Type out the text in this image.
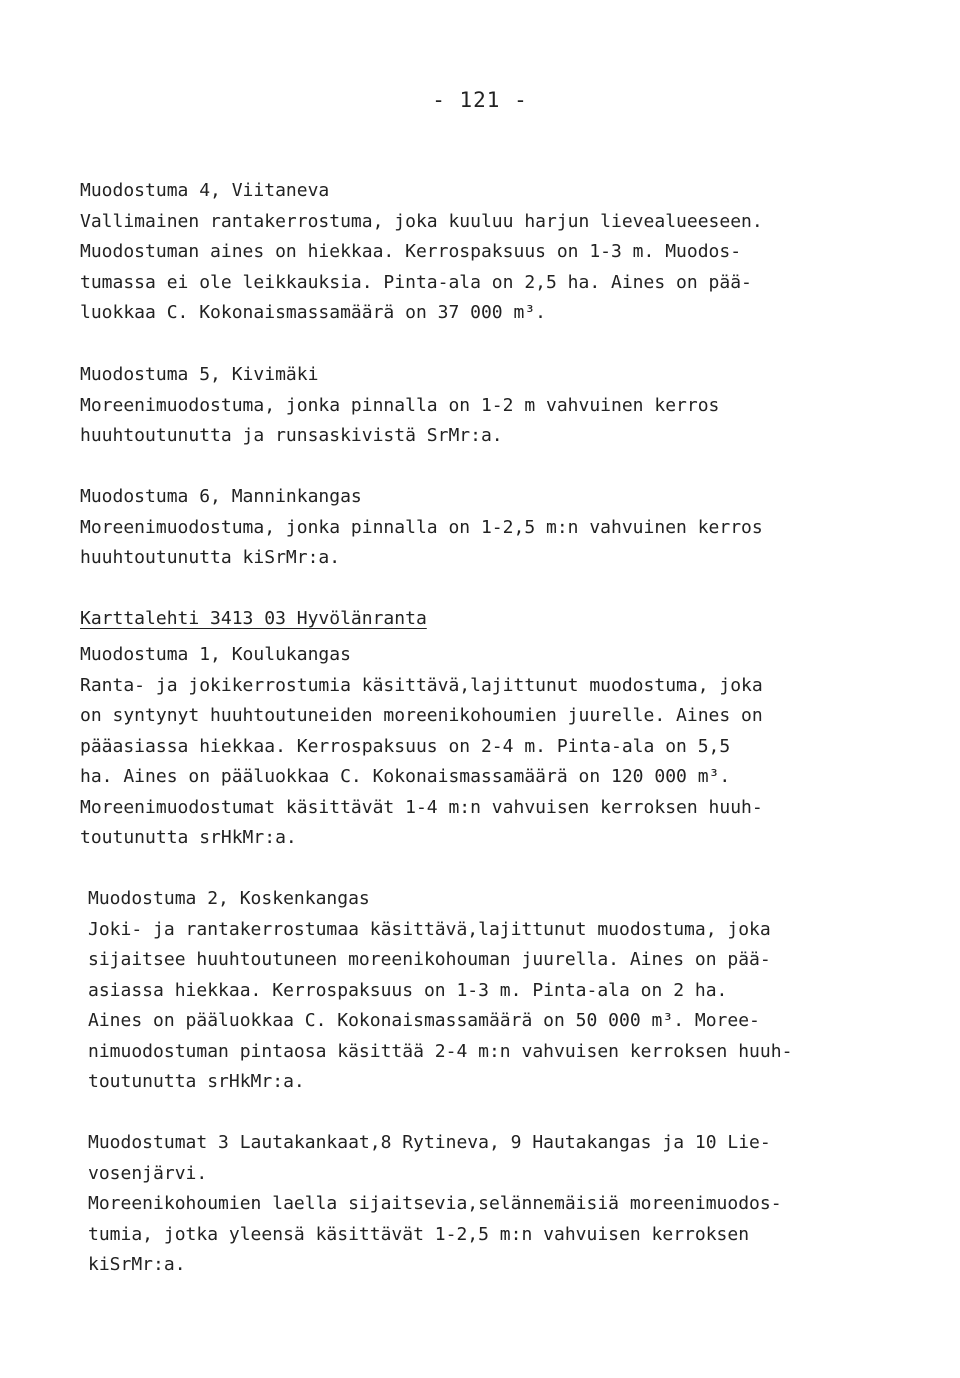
- 121 -
Muodostuma 4, Viitaneva
Vallimainen rantakerrostuma, joka kuuluu harjun lievealueeseen.
Muodostuman aines on hiekkaa. Kerrospaksuus on 1-3 m. Muodos-
tumassa ei ole leikkauksia. Pinta-ala on 2,5 ha. Aines on pää-
luokkaa C. Kokonaismassamäärä on 37 000 m³.
Muodostuma 5, Kivimäki
Moreenimuodostuma, jonka pinnalla on 1-2 m vahvuinen kerros
huuhtoutunutta ja runsaskivistä SrMr:a.
Muodostuma 6, Manninkangas
Moreenimuodostuma, jonka pinnalla on 1-2,5 m:n vahvuinen kerros
huuhtoutunutta kiSrMr:a.
Karttalehti 3413 03 Hyvölänranta
Muodostuma 1, Koulukangas
Ranta- ja jokikerrostumia käsittävä,lajittunut muodostuma, joka
on syntynyt huuhtoutuneiden moreenikohoumien juurelle. Aines on
pääasiassa hiekkaa. Kerrospaksuus on 2-4 m. Pinta-ala on 5,5
ha. Aines on pääluokkaa C. Kokonaismassamäärä on 120 000 m³.
Moreenimuodostumat käsittävät 1-4 m:n vahvuisen kerroksen huuh-
toutunutta srHkMr:a.
Muodostuma 2, Koskenkangas
Joki- ja rantakerrostumaa käsittävä,lajittunut muodostuma, joka
sijaitsee huuhtoutuneen moreenikohouman juurella. Aines on pää-
asiassa hiekkaa. Kerrospaksuus on 1-3 m. Pinta-ala on 2 ha.
Aines on pääluokkaa C. Kokonaismassamäärä on 50 000 m³. Moree-
nimuodostuman pintaosa käsittää 2-4 m:n vahvuisen kerroksen huuh-
toutunutta srHkMr:a.
Muodostumat 3 Lautakankaat,8 Rytineva, 9 Hautakangas ja 10 Lie-
vosenjärvi.
Moreenikohoumien laella sijaitsevia,selännemäisiä moreenimuodos-
tumia, jotka yleensä käsittävät 1-2,5 m:n vahvuisen kerroksen
kiSrMr:a.
